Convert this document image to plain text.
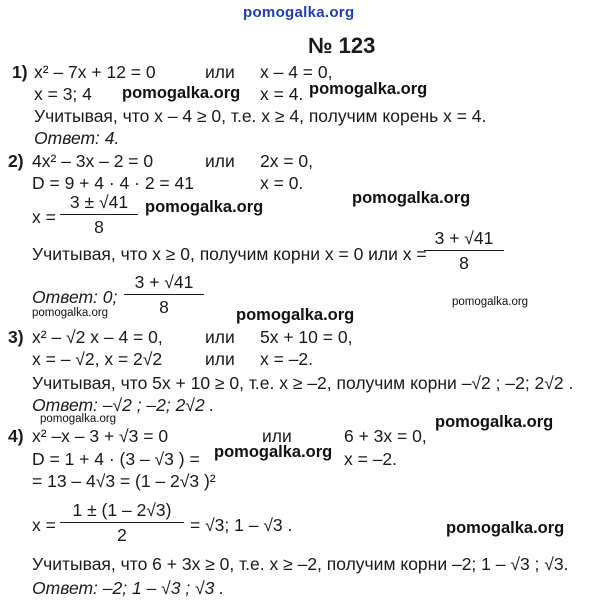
pomogalka.org
№ 123
1) x² – 7x + 12 = 0	или x – 4 = 0,
x = 3; 4	x = 4.
Учитывая, что x – 4 ≥ 0, т.е. x ≥ 4, получим корень x = 4.
Ответ: 4.
2) 4x² – 3x – 2 = 0	или 2x = 0,
D = 9 + 4 · 4 · 2 = 41	x = 0.
x =
3 ± √41
8
Учитывая, что x ≥ 0, получим корни x = 0 или x =
3 + √41
8
Ответ: 0;
3 + √41
8
3) x² – √2 x – 4 = 0, или 5x + 10 = 0,
x = – √2, x = 2√2 или x = –2.
Учитывая, что 5x + 10 ≥ 0, т.е. x ≥ –2, получим корни –√2 ; –2; 2√2 .
Ответ: –√2 ; –2; 2√2 .
4) x² –x – 3 + √3 = 0	или	6 + 3x = 0,
D = 1 + 4 · (3 – √3 ) =	x = –2.
= 13 – 4√3 = (1 – 2√3 )²
x =
1 ± (1 – 2√3)
2
= √3; 1 – √3 .
Учитывая, что 6 + 3x ≥ 0, т.е. x ≥ –2, получим корни –2; 1 – √3 ; √3.
Ответ: –2; 1 – √3 ; √3 .
pomogalka.org	pomogalka.org
pomogalka.org
pomogalka.org
pomogalka.org
pomogalka.org
pomogalka.org
pomogalka.org	pomogalka.org
pomogalka.org
pomogalka.org
